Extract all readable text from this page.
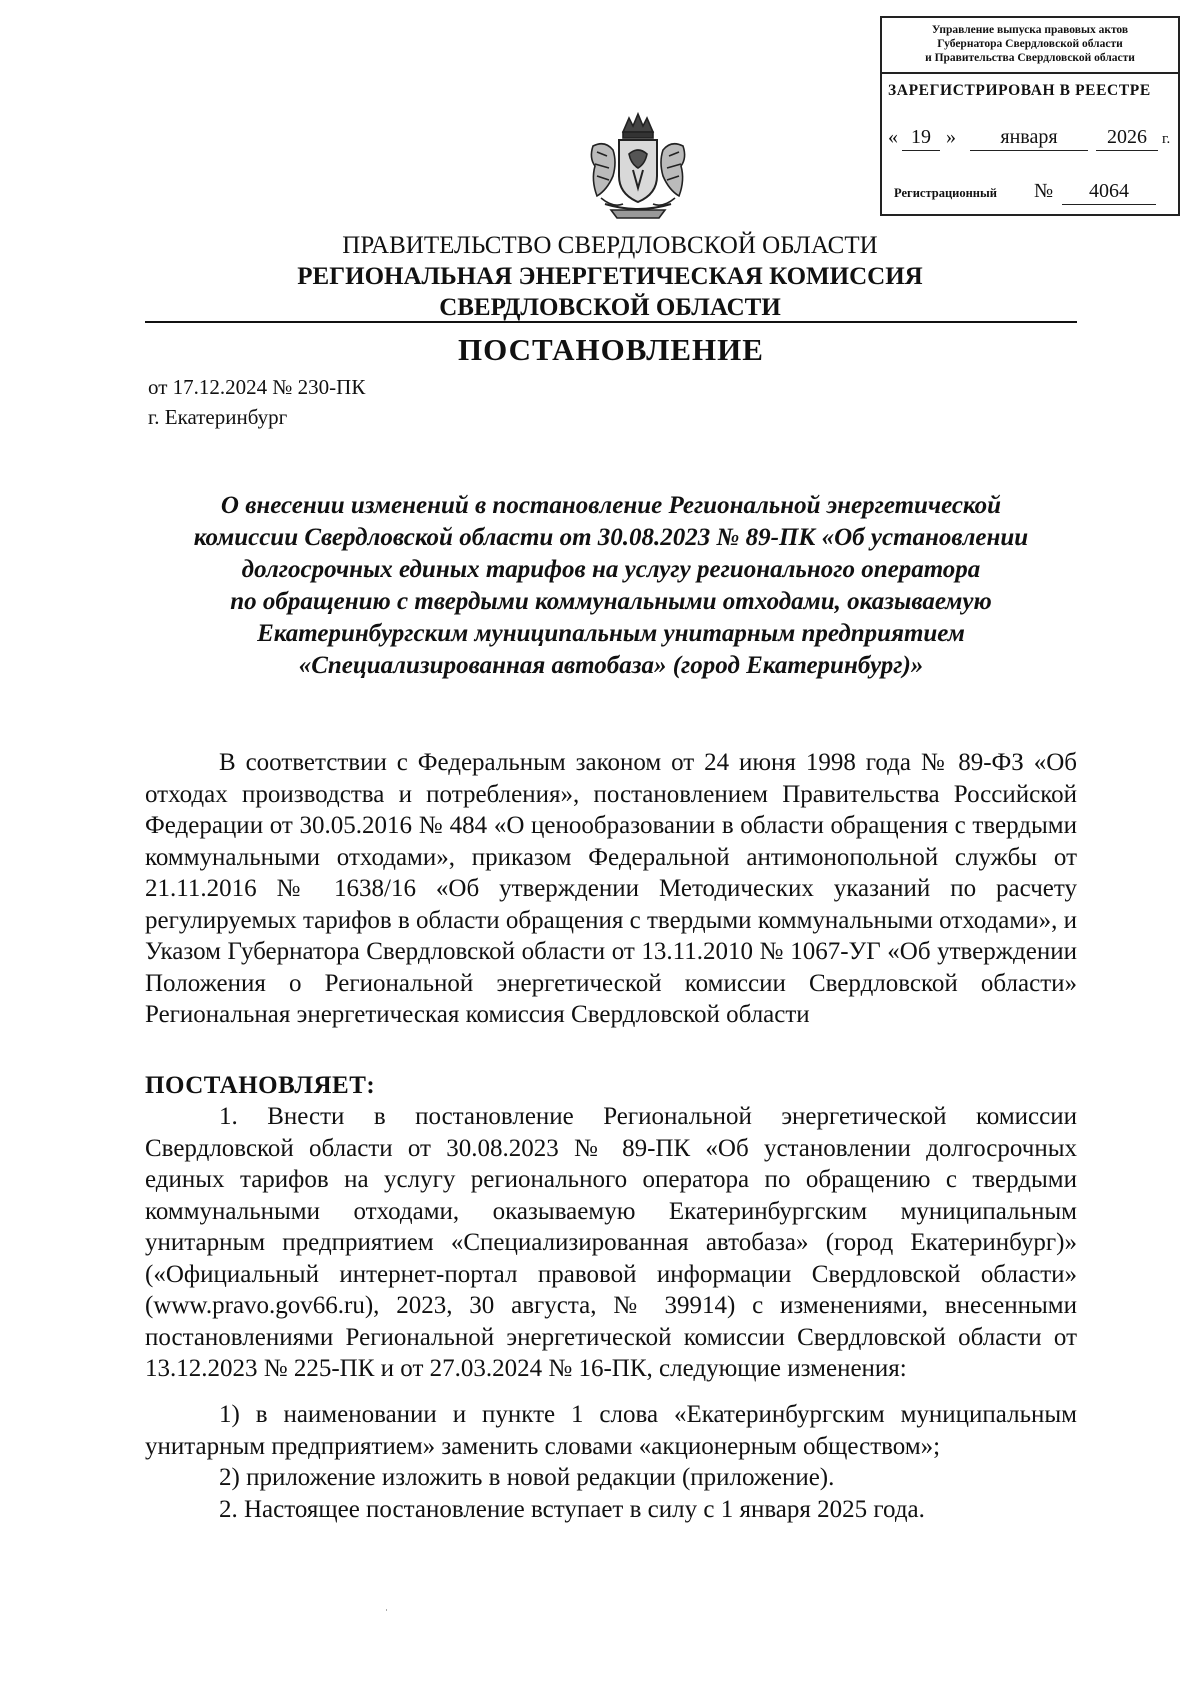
Управление выпуска правовых актов
Губернатора Свердловской области
и Правительства Свердловской области
ЗАРЕГИСТРИРОВАН В РЕЕСТРЕ
« 19 »	января	2026	г.
Регистрационный №	4064
ПРАВИТЕЛЬСТВО СВЕРДЛОВСКОЙ ОБЛАСТИ
РЕГИОНАЛЬНАЯ ЭНЕРГЕТИЧЕСКАЯ КОМИССИЯ
СВЕРДЛОВСКОЙ ОБЛАСТИ
ПОСТАНОВЛЕНИЕ
от 17.12.2024 № 230-ПК
г. Екатеринбург
О внесении изменений в постановление Региональной энергетической
комиссии Свердловской области от 30.08.2023 № 89-ПК «Об установлении
долгосрочных единых тарифов на услугу регионального оператора
по обращению с твердыми коммунальными отходами, оказываемую
Екатеринбургским муниципальным унитарным предприятием
«Специализированная автобаза» (город Екатеринбург)»

В соответствии с Федеральным законом от 24 июня 1998 года № 89-ФЗ «Об отходах производства и потребления», постановлением Правительства Российской Федерации от 30.05.2016 № 484 «О ценообразовании в области обращения с твердыми коммунальными отходами», приказом Федеральной антимонопольной службы от 21.11.2016 № 1638/16 «Об утверждении Методических указаний по расчету регулируемых тарифов в области обращения с твердыми коммунальными отходами», и Указом Губернатора Свердловской области от 13.11.2010 № 1067-УГ «Об утверждении Положения о Региональной энергетической комиссии Свердловской области» Региональная энергетическая комиссия Свердловской области

ПОСТАНОВЛЯЕТ:

1. Внести в постановление Региональной энергетической комиссии Свердловской области от 30.08.2023 № 89-ПК «Об установлении долгосрочных единых тарифов на услугу регионального оператора по обращению с твердыми коммунальными отходами, оказываемую Екатеринбургским муниципальным унитарным предприятием «Специализированная автобаза» (город Екатеринбург)» («Официальный интернет-портал правовой информации Свердловской области» (www.pravo.gov66.ru), 2023, 30 августа, № 39914) с изменениями, внесенными постановлениями Региональной энергетической комиссии Свердловской области от 13.12.2023 № 225-ПК и от 27.03.2024 № 16-ПК, следующие изменения:

1) в наименовании и пункте 1 слова «Екатеринбургским муниципальным унитарным предприятием» заменить словами «акционерным обществом»;

2) приложение изложить в новой редакции (приложение).

2. Настоящее постановление вступает в силу с 1 января 2025 года.
